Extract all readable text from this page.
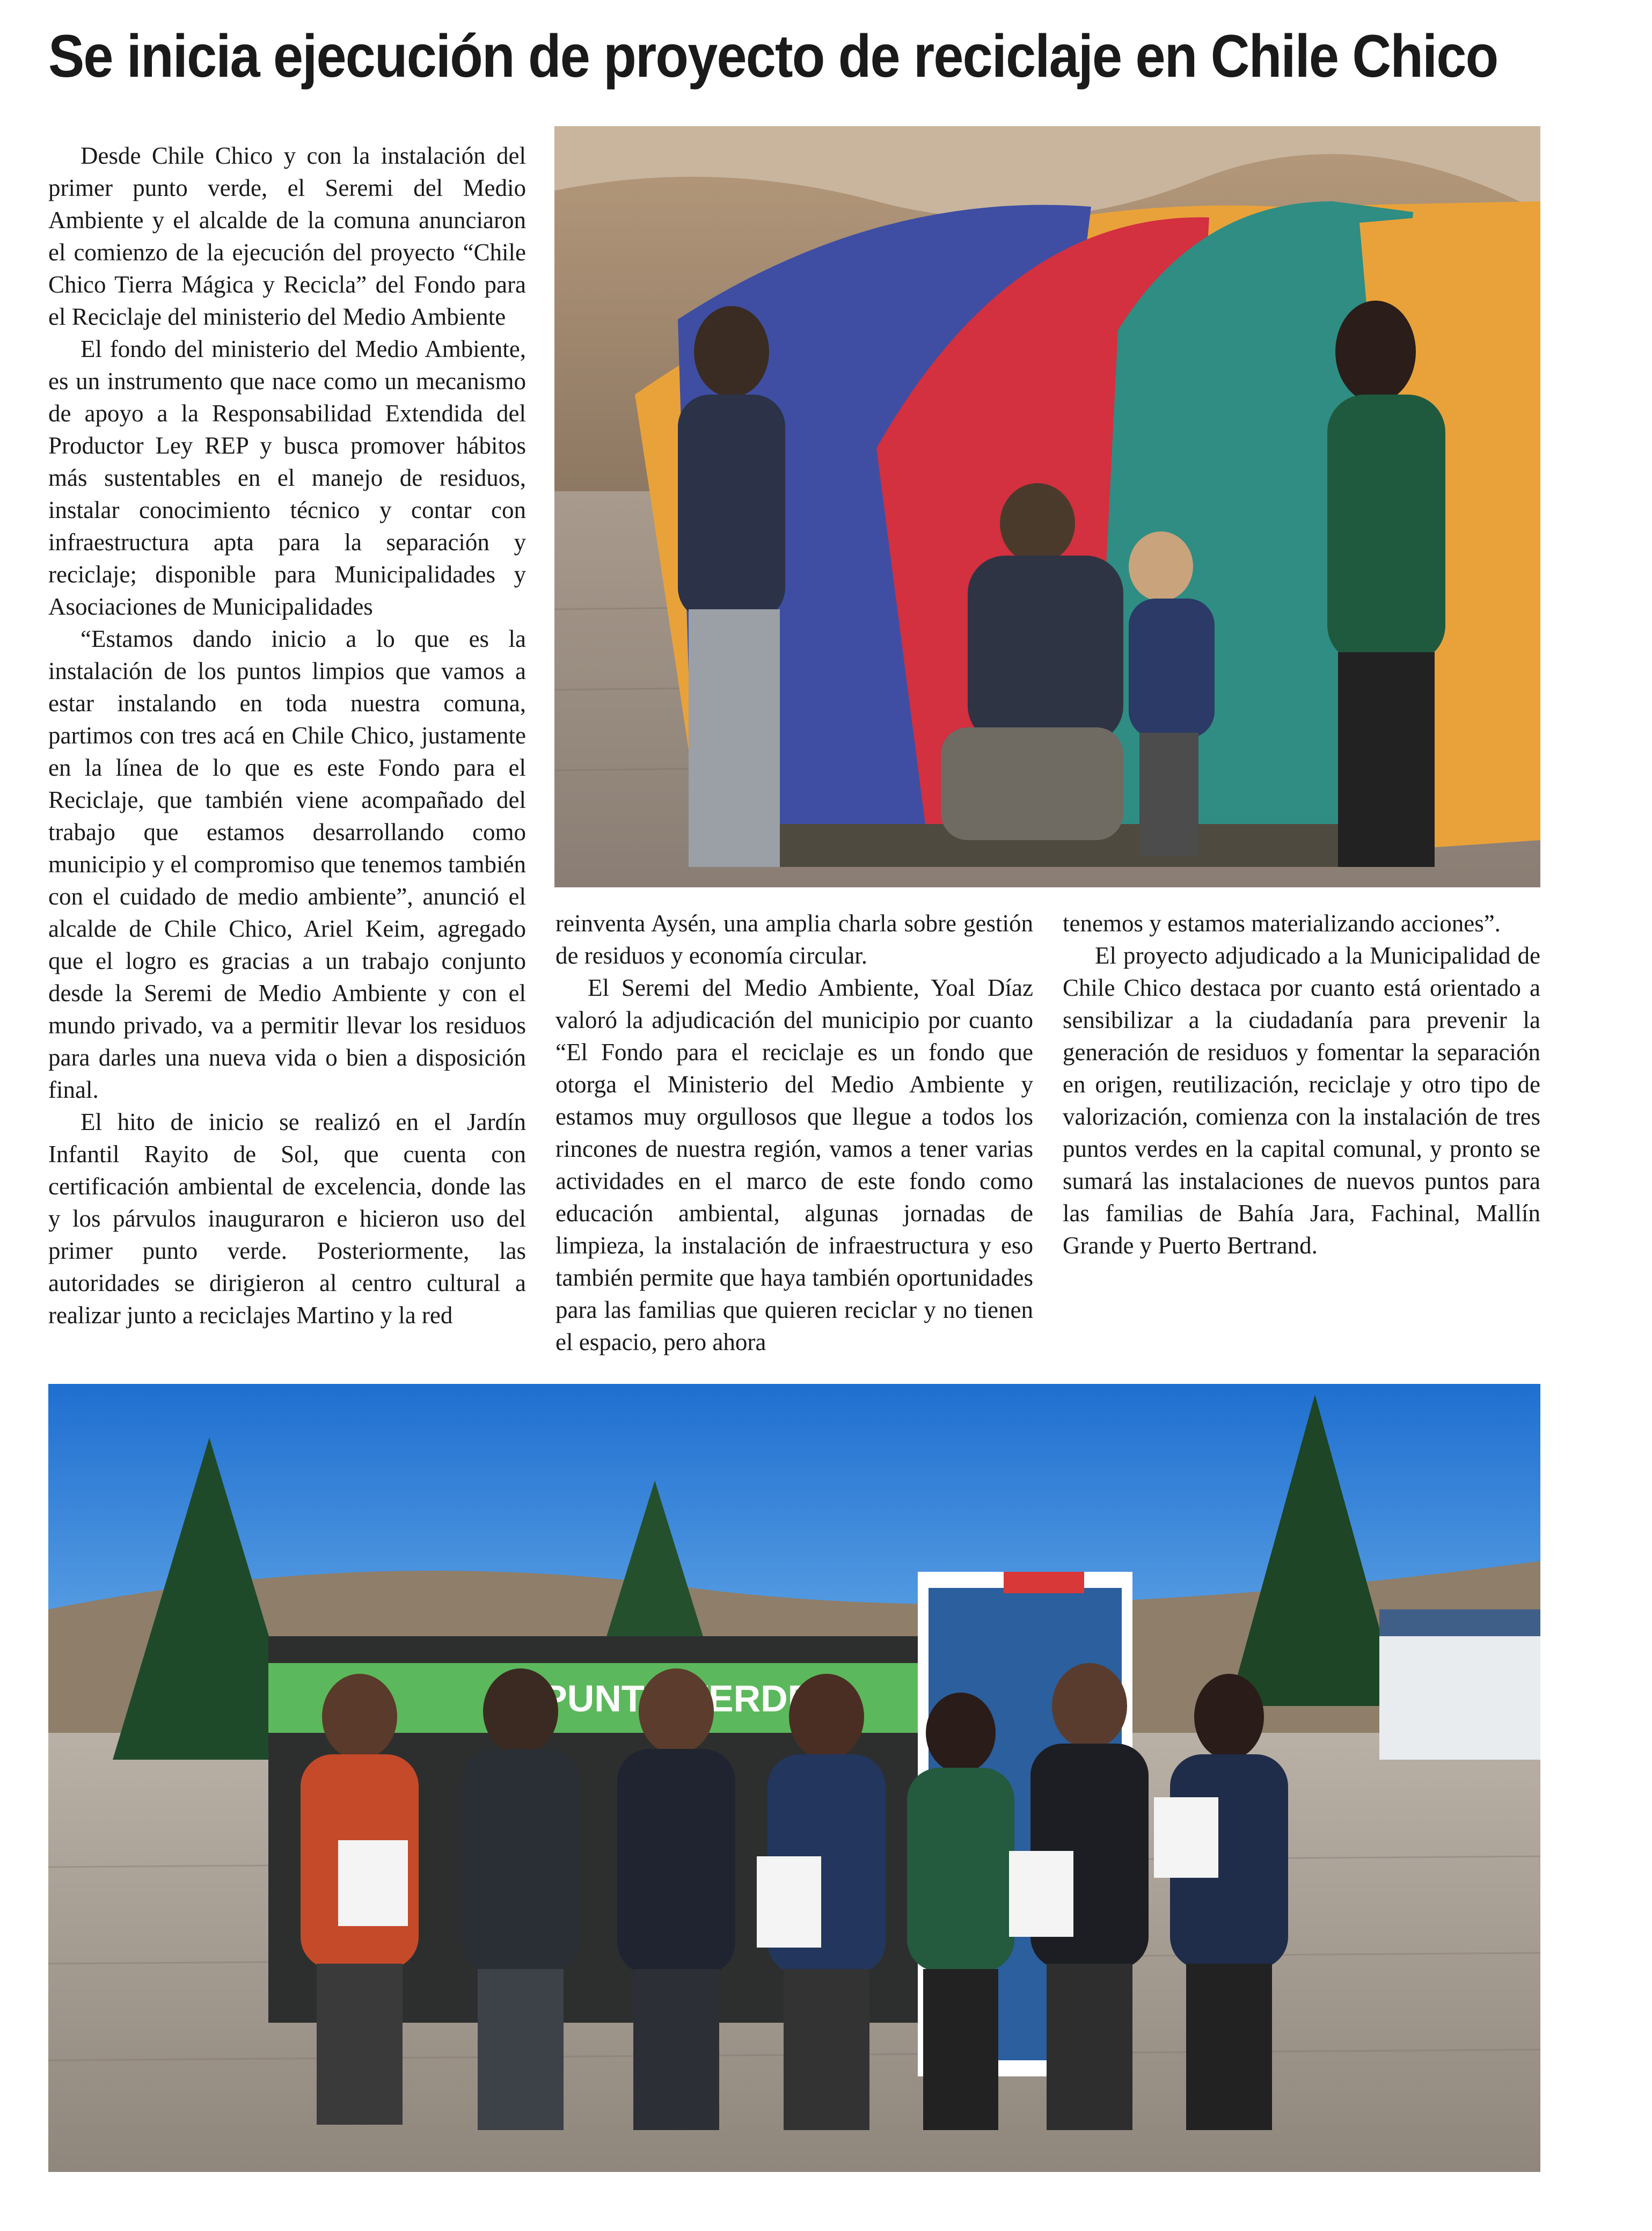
Se inicia ejecución de proyecto de reciclaje en Chile Chico

Desde Chile Chico y con la instalación del primer punto verde, el Seremi del Medio Ambiente y el alcalde de la comuna anunciaron el comienzo de la ejecución del proyecto “Chile Chico Tierra Mágica y Recicla” del Fondo para el Reciclaje del ministerio del Medio Ambiente

El fondo del ministerio del Medio Ambiente, es un instrumento que nace como un mecanismo de apoyo a la Responsabilidad Extendida del Productor Ley REP y busca promover hábitos más sustentables en el manejo de residuos, instalar conocimiento técnico y contar con infraestructura apta para la separación y reciclaje; disponible para Municipalidades y Asociaciones de Municipalidades

“Estamos dando inicio a lo que es la instalación de los puntos limpios que vamos a estar instalando en toda nuestra comuna, partimos con tres acá en Chile Chico, justamente en la línea de lo que es este Fondo para el Reciclaje, que también viene acompañado del trabajo que estamos desarrollando como municipio y el compromiso que tenemos también con el cuidado de medio ambiente”, anunció el alcalde de Chile Chico, Ariel Keim, agregado que el logro es gracias a un trabajo conjunto desde la Seremi de Medio Ambiente y con el mundo privado, va a permitir llevar los residuos para darles una nueva vida o bien a disposición final.

El hito de inicio se realizó en el Jardín Infantil Rayito de Sol, que cuenta con certificación ambiental de excelencia, donde las y los párvulos inauguraron e hicieron uso del primer punto verde. Posteriormente, las autoridades se dirigieron al centro cultural a realizar junto a reciclajes Martino y la red

reinventa Aysén, una amplia charla sobre gestión de residuos y economía circular.

El Seremi del Medio Ambiente, Yoal Díaz valoró la adjudicación del municipio por cuanto “El Fondo para el reciclaje es un fondo que otorga el Ministerio del Medio Ambiente y estamos muy orgullosos que llegue a todos los rincones de nuestra región, vamos a tener varias actividades en el marco de este fondo como educación ambiental, algunas jornadas de limpieza, la instalación de infraestructura y eso también permite que haya también oportunidades para las familias que quieren reciclar y no tienen el espacio, pero ahora

tenemos y estamos materializando acciones”.

El proyecto adjudicado a la Municipalidad de Chile Chico destaca por cuanto está orientado a sensibilizar a la ciudadanía para prevenir la generación de residuos y fomentar la separación en origen, reutilización, reciclaje y otro tipo de valorización, comienza con la instalación de tres puntos verdes en la capital comunal, y pronto se sumará las instalaciones de nuevos puntos para las familias de Bahía Jara, Fachinal, Mallín Grande y Puerto Bertrand.

PUNTO VERDE
